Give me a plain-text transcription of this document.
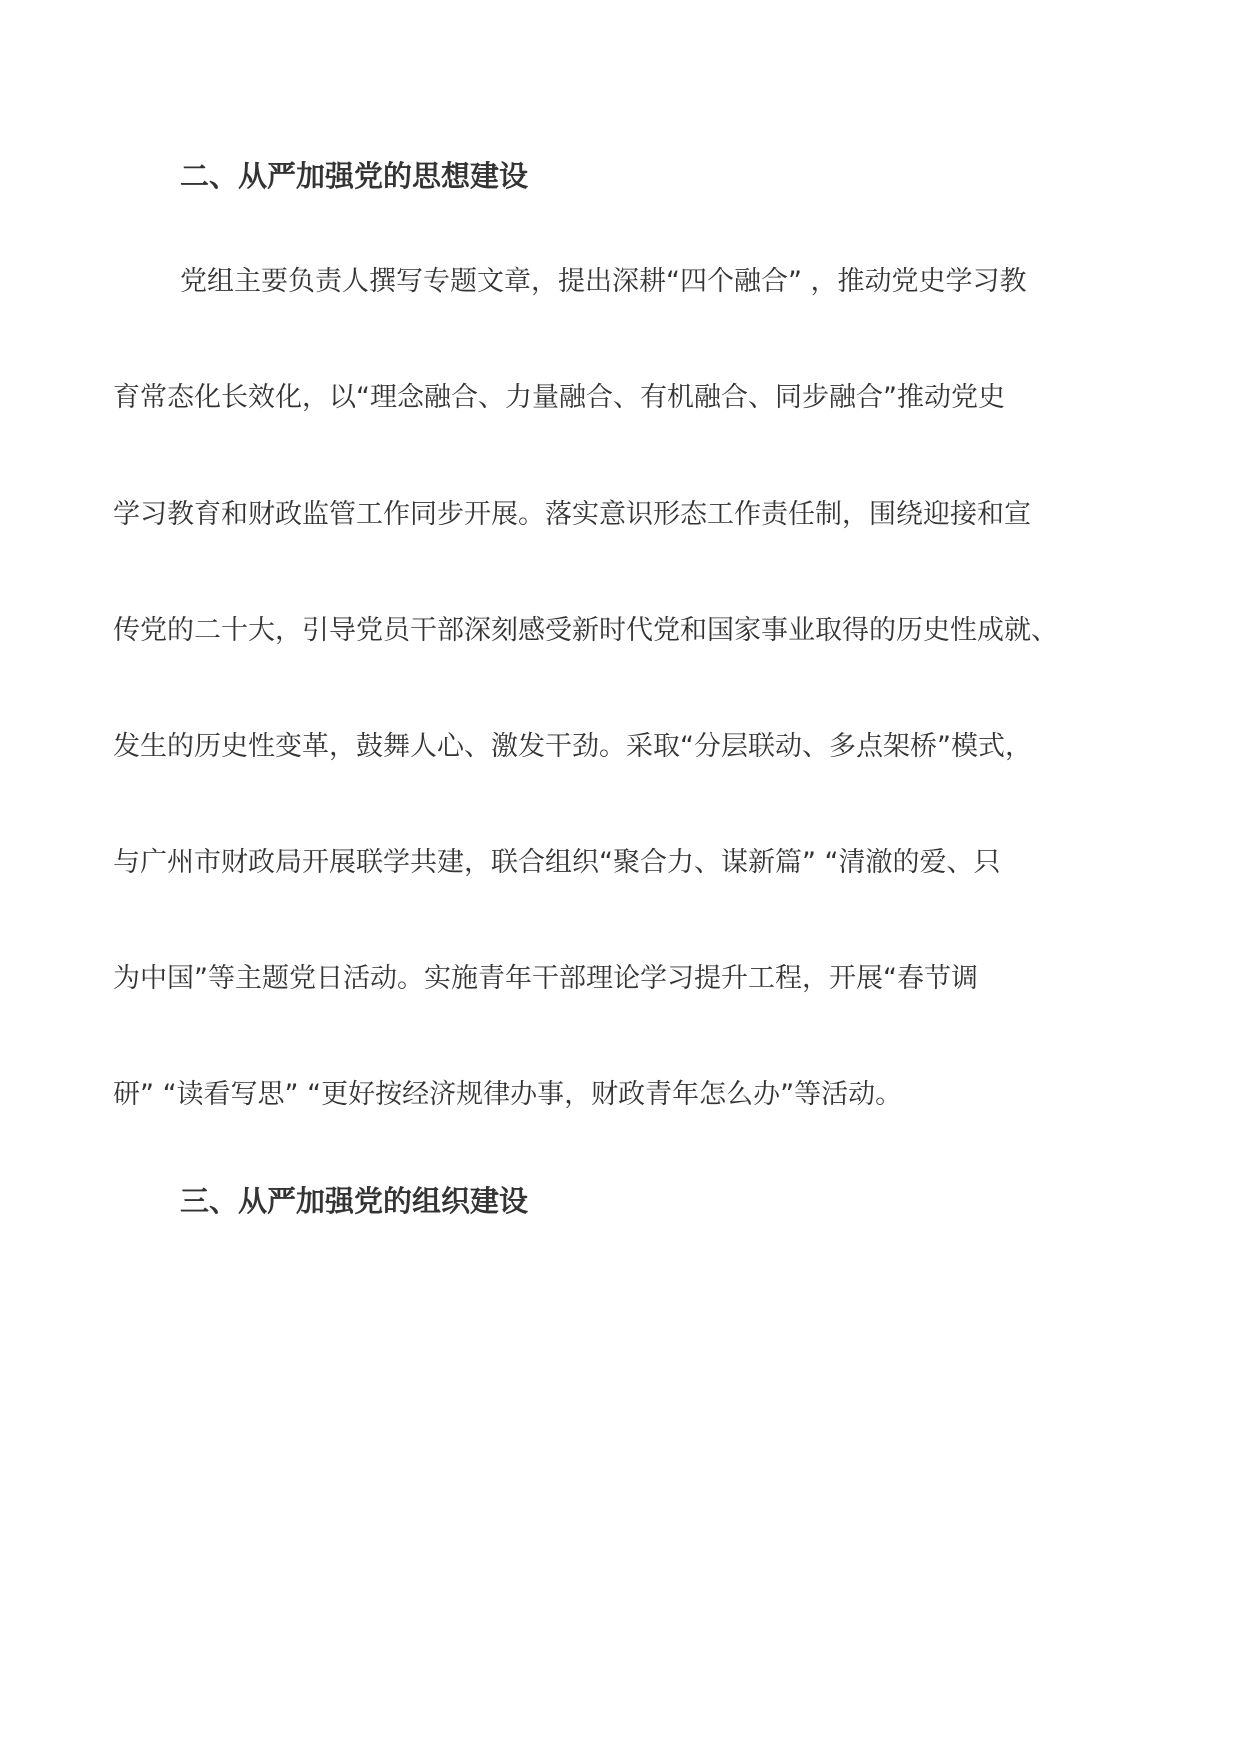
二、从严加强党的思想建设
党组主要负责人撰写专题文章，提出深耕“四个融合” ，推动党史学习教
育常态化长效化，以“理念融合、力量融合、有机融合、同步融合”推动党史
学习教育和财政监管工作同步开展。落实意识形态工作责任制，围绕迎接和宣
传党的二十大，引导党员干部深刻感受新时代党和国家事业取得的历史性成就、
发生的历史性变革，鼓舞人心、激发干劲。采取“分层联动、多点架桥”模式，
与广州市财政局开展联学共建，联合组织“聚合力、谋新篇” “清澈的爱、只
为中国”等主题党日活动。实施青年干部理论学习提升工程，开展“春节调
研” “读看写思” “更好按经济规律办事，财政青年怎么办”等活动。
三、从严加强党的组织建设
